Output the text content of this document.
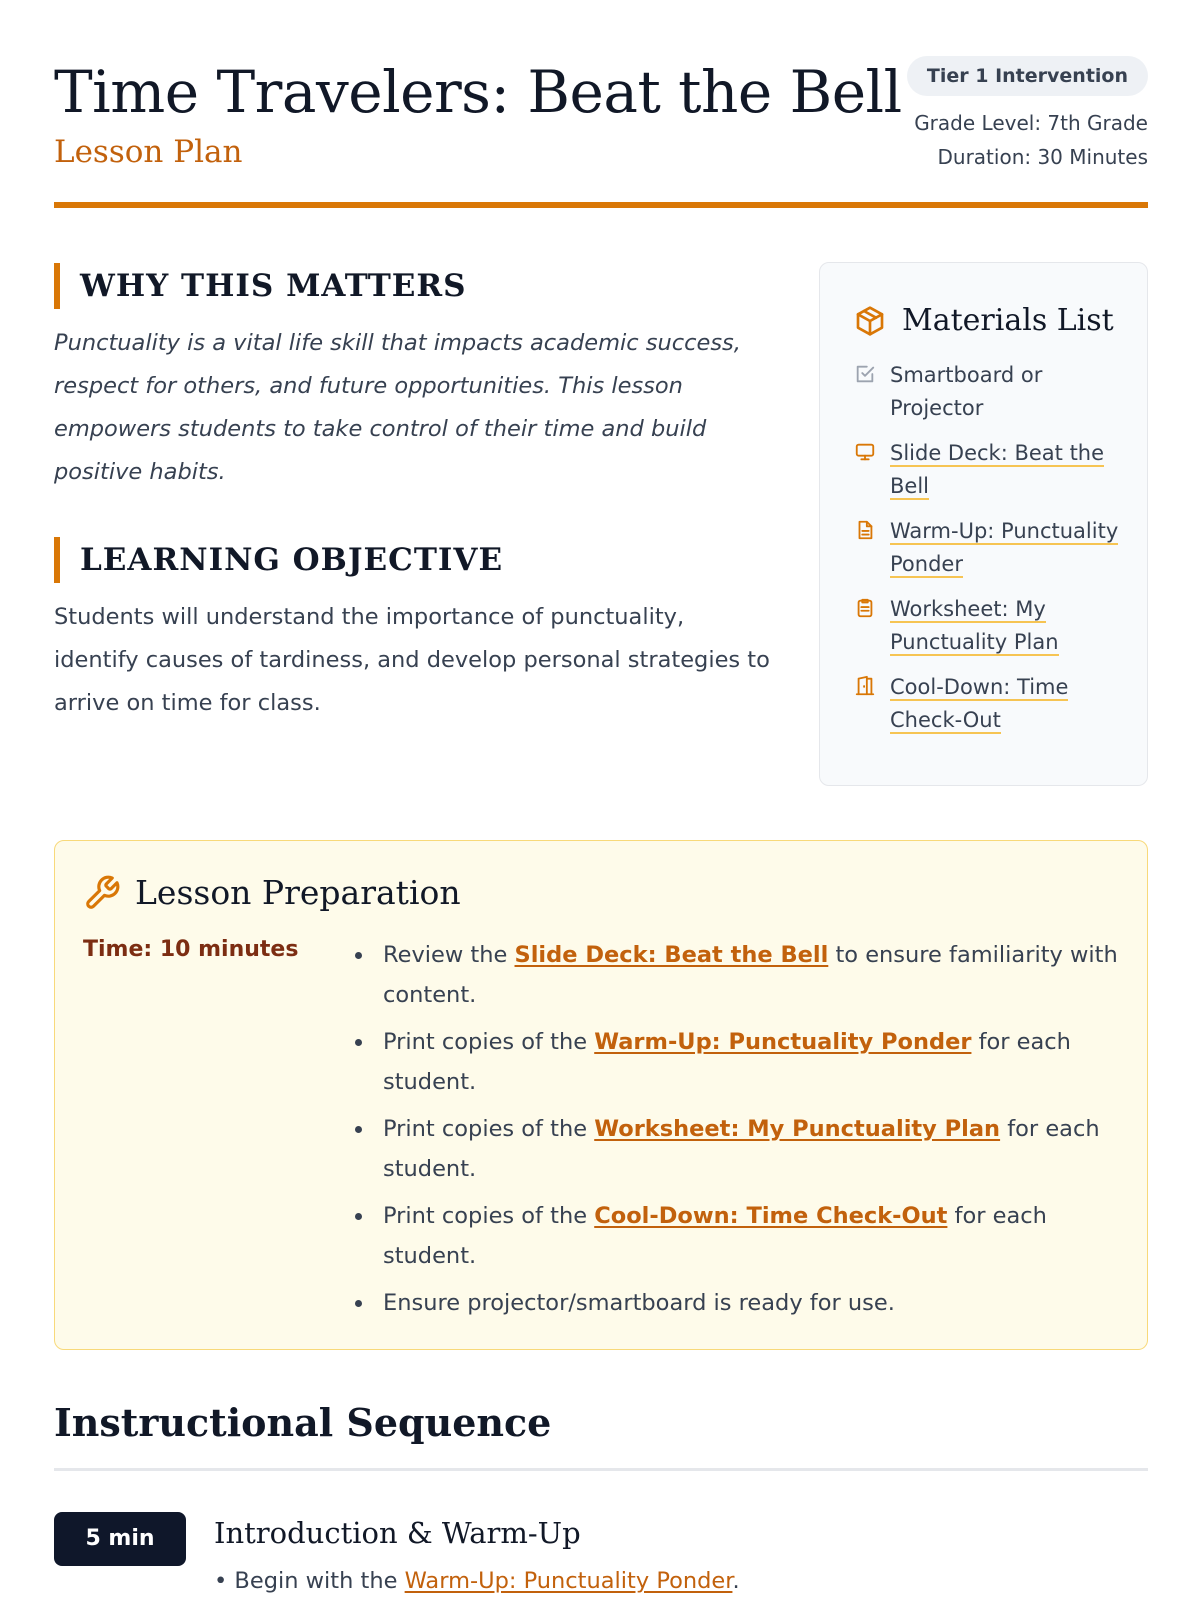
Time Travelers: Beat the Bell
Lesson Plan
Tier 1 Intervention
Grade Level: 7th Grade
Duration: 30 Minutes
WHY THIS MATTERS

Punctuality is a vital life skill that impacts academic success, respect for others, and future opportunities. This lesson empowers students to take control of their time and build positive habits.

LEARNING OBJECTIVE

Students will understand the importance of punctuality, identify causes of tardiness, and develop personal strategies to arrive on time for class.

Materials List
Smartboard or Projector
Slide Deck: Beat the Bell
Warm-Up: Punctuality Ponder
Worksheet: My Punctuality Plan
Cool-Down: Time Check-Out
Lesson Preparation
Time: 10 minutes	Review the Slide Deck: Beat the Bell to ensure familiarity with content.
Print copies of the Warm-Up: Punctuality Ponder for each student.
Print copies of the Worksheet: My Punctuality Plan for each student.
Print copies of the Cool-Down: Time Check-Out for each student.
Ensure projector/smartboard is ready for use.
Instructional Sequence
5 min	Introduction & Warm-Up
• Begin with the Warm-Up: Punctuality Ponder.
